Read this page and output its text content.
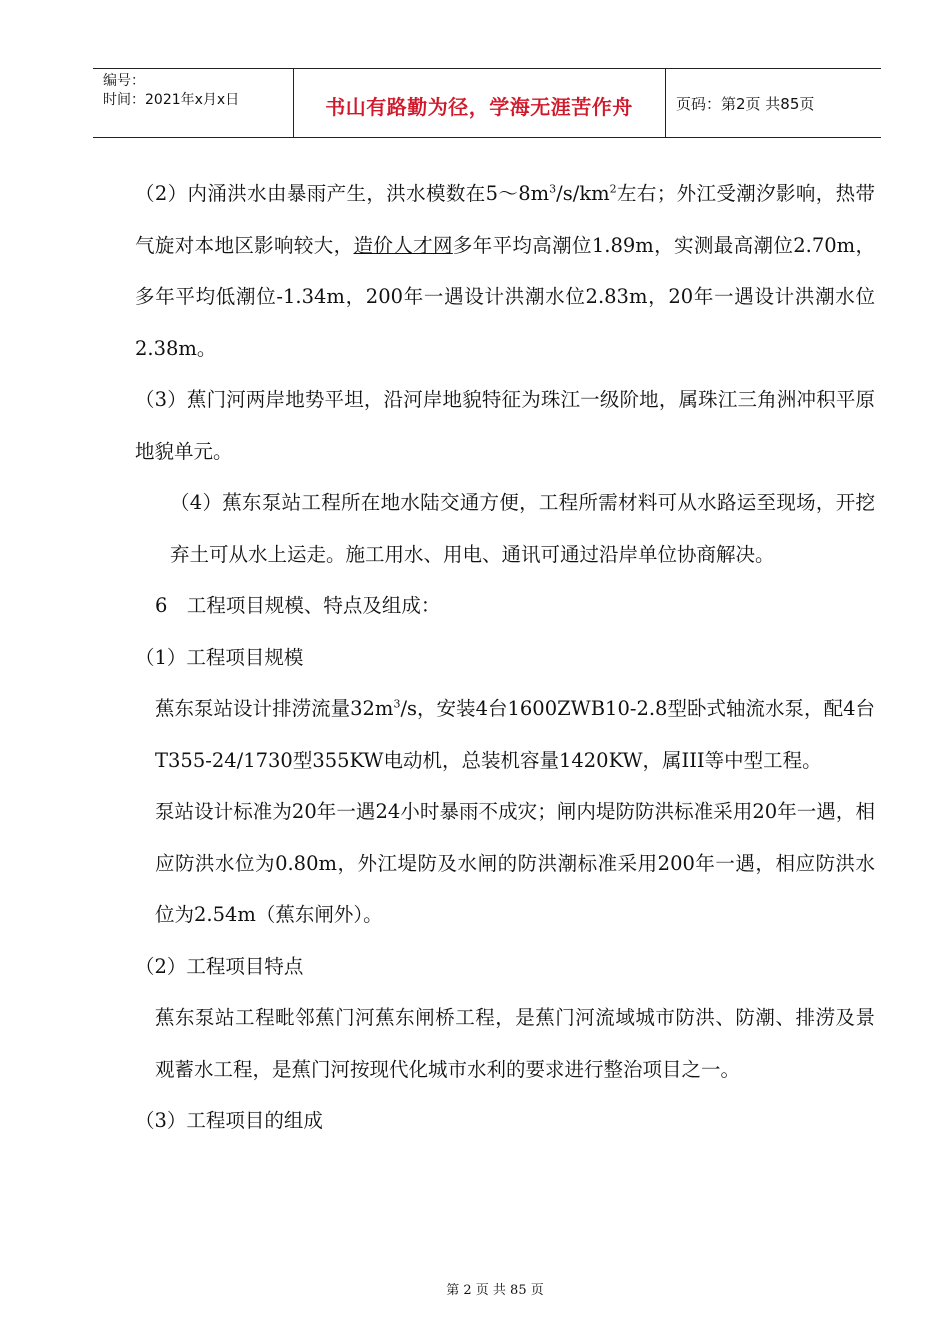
编号：
时间：2021年x月x日	书山有路勤为径，学海无涯苦作舟	页码：第2页 共85页

（2）内涌洪水由暴雨产生，洪水模数在$5\sim 8m^3/s/km^2$左右；外江受潮汐影响，热带气旋对本地区影响较大，造价人才网多年平均高潮位1.89m，实测最高潮位2.70m，多年平均低潮位-1.34m，200年一遇设计洪潮水位2.83m，20年一遇设计洪潮水位2.38m。

（3）蕉门河两岸地势平坦，沿河岸地貌特征为珠江一级阶地，属珠江三角洲冲积平原地貌单元。

（4）蕉东泵站工程所在地水陆交通方便，工程所需材料可从水路运至现场，开挖弃土可从水上运走。施工用水、用电、通讯可通过沿岸单位协商解决。

6　工程项目规模、特点及组成：

（1）工程项目规模

蕉东泵站设计排涝流量$32m^3/s$，安装4台1600ZWB10-2.8型卧式轴流水泵，配4台T355-24/1730型355KW电动机，总装机容量1420KW，属III等中型工程。

泵站设计标准为20年一遇24小时暴雨不成灾；闸内堤防防洪标准采用20年一遇，相应防洪水位为0.80m，外江堤防及水闸的防洪潮标准采用200年一遇，相应防洪水位为2.54m（蕉东闸外）。

（2）工程项目特点

蕉东泵站工程毗邻蕉门河蕉东闸桥工程，是蕉门河流域城市防洪、防潮、排涝及景观蓄水工程，是蕉门河按现代化城市水利的要求进行整治项目之一。

（3）工程项目的组成

第 2 页 共 85 页
